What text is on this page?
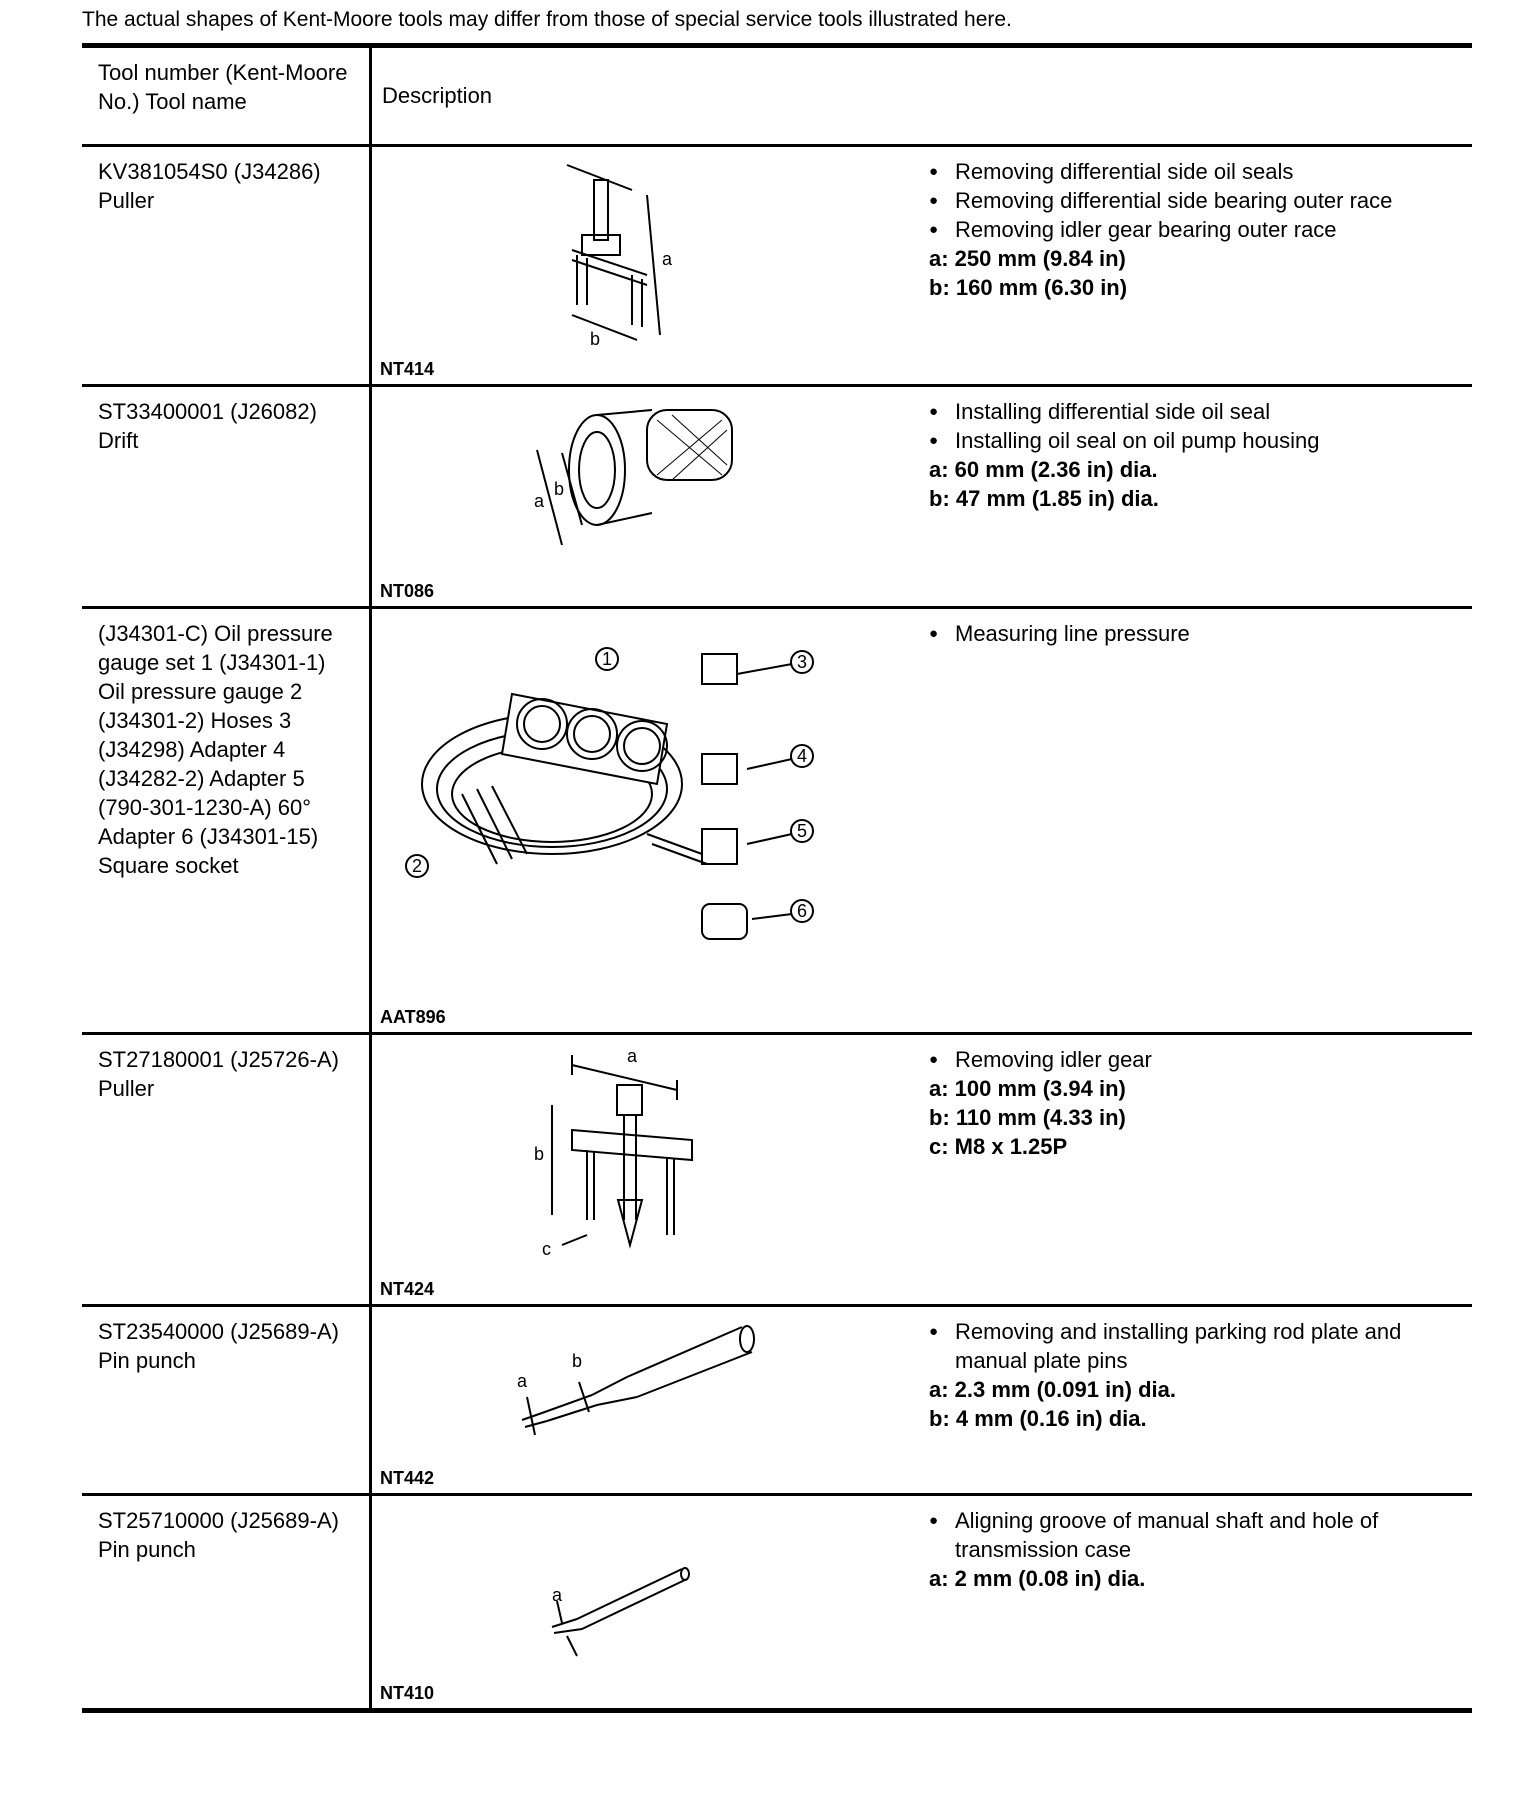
The actual shapes of Kent-Moore tools may differ from those of special service tools illustrated here.
Tool number (Kent-Moore No.) Tool name	Description
KV381054S0 (J34286) Puller
a
b
● Removing differential side oil seals
● Removing differential side bearing outer race
● Removing idler gear bearing outer race
a: 250 mm (9.84 in)
b: 160 mm (6.30 in)
NT414
ST33400001 (J26082) Drift
a
b
● Installing differential side oil seal
● Installing oil seal on oil pump housing
a: 60 mm (2.36 in) dia.
b: 47 mm (1.85 in) dia.
NT086
(J34301-C) Oil pressure gauge set 1 (J34301-1) Oil pressure gauge 2 (J34301-2) Hoses 3 (J34298) Adapter 4 (J34282-2) Adapter 5 (790-301-1230-A) 60° Adapter 6 (J34301-15) Square socket
1
2
3
4
5
6
● Measuring line pressure
AAT896
ST27180001 (J25726-A) Puller
a
b
c
● Removing idler gear
a: 100 mm (3.94 in)
b: 110 mm (4.33 in)
c: M8 x 1.25P
NT424
ST23540000 (J25689-A) Pin punch
a
b
● Removing and installing parking rod plate and manual plate pins
a: 2.3 mm (0.091 in) dia.
b: 4 mm (0.16 in) dia.
NT442
ST25710000 (J25689-A) Pin punch
a
● Aligning groove of manual shaft and hole of transmission case
a: 2 mm (0.08 in) dia.
NT410
